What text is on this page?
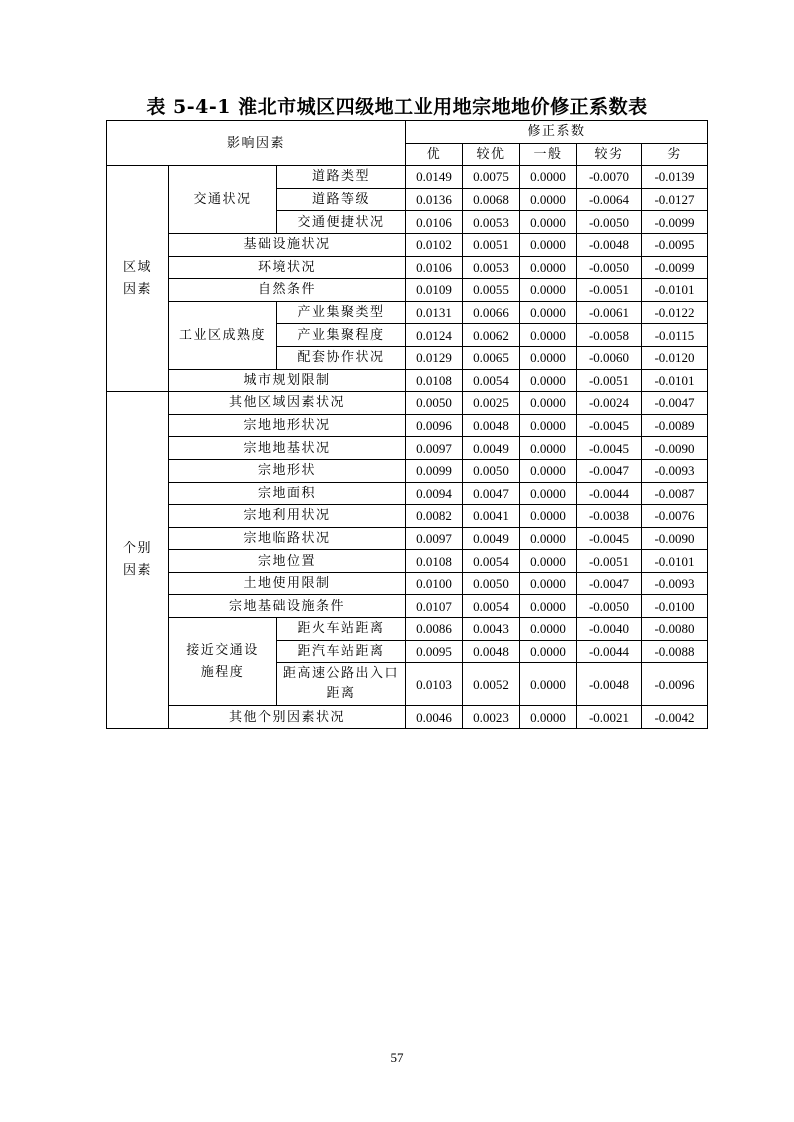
表 5-4-1 淮北市城区四级地工业用地宗地地价修正系数表
影响因素			修正系数				
			优	较优	一般	较劣	劣
区域因素	交通状况	道路类型	0.0149	0.0075	0.0000	-0.0070	-0.0139
		道路等级	0.0136	0.0068	0.0000	-0.0064	-0.0127
		交通便捷状况	0.0106	0.0053	0.0000	-0.0050	-0.0099
	基础设施状况		0.0102	0.0051	0.0000	-0.0048	-0.0095
	环境状况		0.0106	0.0053	0.0000	-0.0050	-0.0099
	自然条件		0.0109	0.0055	0.0000	-0.0051	-0.0101
	工业区成熟度	产业集聚类型	0.0131	0.0066	0.0000	-0.0061	-0.0122
		产业集聚程度	0.0124	0.0062	0.0000	-0.0058	-0.0115
		配套协作状况	0.0129	0.0065	0.0000	-0.0060	-0.0120
	城市规划限制		0.0108	0.0054	0.0000	-0.0051	-0.0101
个别因素	其他区域因素状况		0.0050	0.0025	0.0000	-0.0024	-0.0047
	宗地地形状况		0.0096	0.0048	0.0000	-0.0045	-0.0089
	宗地地基状况		0.0097	0.0049	0.0000	-0.0045	-0.0090
	宗地形状		0.0099	0.0050	0.0000	-0.0047	-0.0093
	宗地面积		0.0094	0.0047	0.0000	-0.0044	-0.0087
	宗地利用状况		0.0082	0.0041	0.0000	-0.0038	-0.0076
	宗地临路状况		0.0097	0.0049	0.0000	-0.0045	-0.0090
	宗地位置		0.0108	0.0054	0.0000	-0.0051	-0.0101
	土地使用限制		0.0100	0.0050	0.0000	-0.0047	-0.0093
	宗地基础设施条件		0.0107	0.0054	0.0000	-0.0050	-0.0100
	接近交通设施程度	距火车站距离	0.0086	0.0043	0.0000	-0.0040	-0.0080
		距汽车站距离	0.0095	0.0048	0.0000	-0.0044	-0.0088
		距高速公路出入口距离	0.0103	0.0052	0.0000	-0.0048	-0.0096
	其他个别因素状况		0.0046	0.0023	0.0000	-0.0021	-0.0042
57
